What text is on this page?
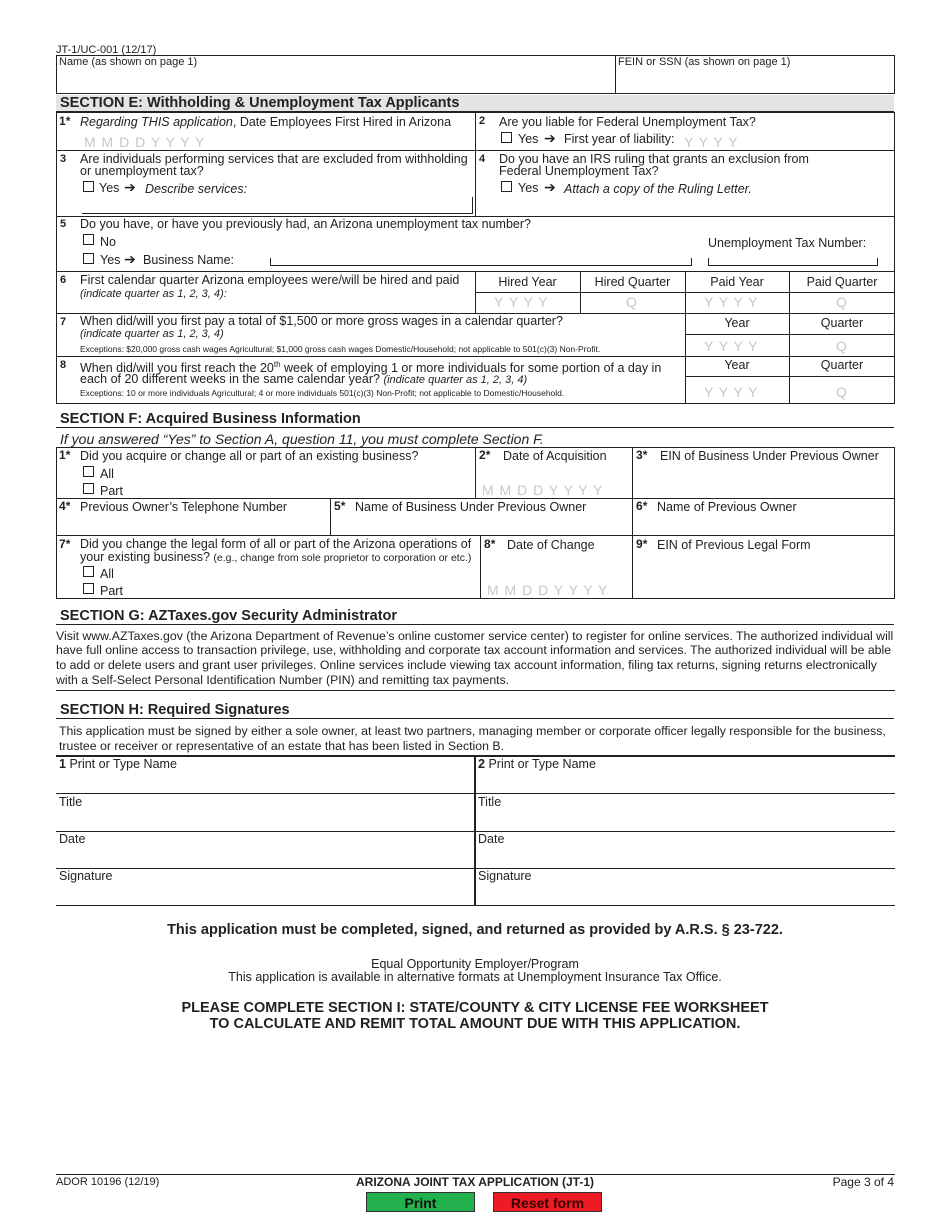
JT-1/UC-001 (12/17)
Name (as shown on page 1)	FEIN or SSN (as shown on page 1)
SECTION E: Withholding & Unemployment Tax Applicants
1* Regarding THIS application, Date Employees First Hired in Arizona
M M D D Y Y Y Y
2 Are you liable for Federal Unemployment Tax?
Yes ➔ First year of liability: Y Y Y Y
3 Are individuals performing services that are excluded from withholding
or unemployment tax?
Yes ➔ Describe services:
4 Do you have an IRS ruling that grants an exclusion from
Federal Unemployment Tax?
Yes ➔ Attach a copy of the Ruling Letter.
5 Do you have, or have you previously had, an Arizona unemployment tax number?
No	Unemployment Tax Number:
Yes ➔ Business Name:
6 First calendar quarter Arizona employees were/will be hired and paid
(indicate quarter as 1, 2, 3, 4):
Hired Year	Hired Quarter	Paid Year	Paid Quarter
Y Y Y Y	Q	Y Y Y Y	Q
7 When did/will you first pay a total of $1,500 or more gross wages in a calendar quarter?
(indicate quarter as 1, 2, 3, 4)
Exceptions: $20,000 gross cash wages Agricultural; $1,000 gross cash wages Domestic/Household; not applicable to 501(c)(3) Non-Profit.
Year	Quarter
Y Y Y Y	Q
8 When did/will you first reach the 20th week of employing 1 or more individuals for some portion of a day in
each of 20 different weeks in the same calendar year? (indicate quarter as 1, 2, 3, 4)
Exceptions: 10 or more individuals Agricultural; 4 or more individuals 501(c)(3) Non-Profit; not applicable to Domestic/Household.
Year	Quarter
Y Y Y Y	Q
SECTION F: Acquired Business Information
If you answered “Yes” to Section A, question 11, you must complete Section F.
1* Did you acquire or change all or part of an existing business?
All
Part
2* Date of Acquisition
M M D D Y Y Y Y
3* EIN of Business Under Previous Owner
4* Previous Owner’s Telephone Number	5* Name of Business Under Previous Owner	6* Name of Previous Owner
7* Did you change the legal form of all or part of the Arizona operations of
your existing business? (e.g., change from sole proprietor to corporation or etc.)
All
Part
8* Date of Change
M M D D Y Y Y Y
9* EIN of Previous Legal Form
SECTION G: AZTaxes.gov Security Administrator
Visit www.AZTaxes.gov (the Arizona Department of Revenue’s online customer service center) to register for online services. The authorized individual will
have full online access to transaction privilege, use, withholding and corporate tax account information and services. The authorized individual will be able
to add or delete users and grant user privileges. Online services include viewing tax account information, filing tax returns, signing returns electronically
with a Self-Select Personal Identification Number (PIN) and remitting tax payments.
SECTION H: Required Signatures
This application must be signed by either a sole owner, at least two partners, managing member or corporate officer legally responsible for the business,
trustee or receiver or representative of an estate that has been listed in Section B.
1 Print or Type Name	2 Print or Type Name
Title	Title
Date	Date
Signature	Signature
This application must be completed, signed, and returned as provided by A.R.S. § 23-722.
Equal Opportunity Employer/Program
This application is available in alternative formats at Unemployment Insurance Tax Office.
PLEASE COMPLETE SECTION I: STATE/COUNTY & CITY LICENSE FEE WORKSHEET
TO CALCULATE AND REMIT TOTAL AMOUNT DUE WITH THIS APPLICATION.
ADOR 10196 (12/19)	ARIZONA JOINT TAX APPLICATION (JT-1)	Page 3 of 4
Print	Reset form
